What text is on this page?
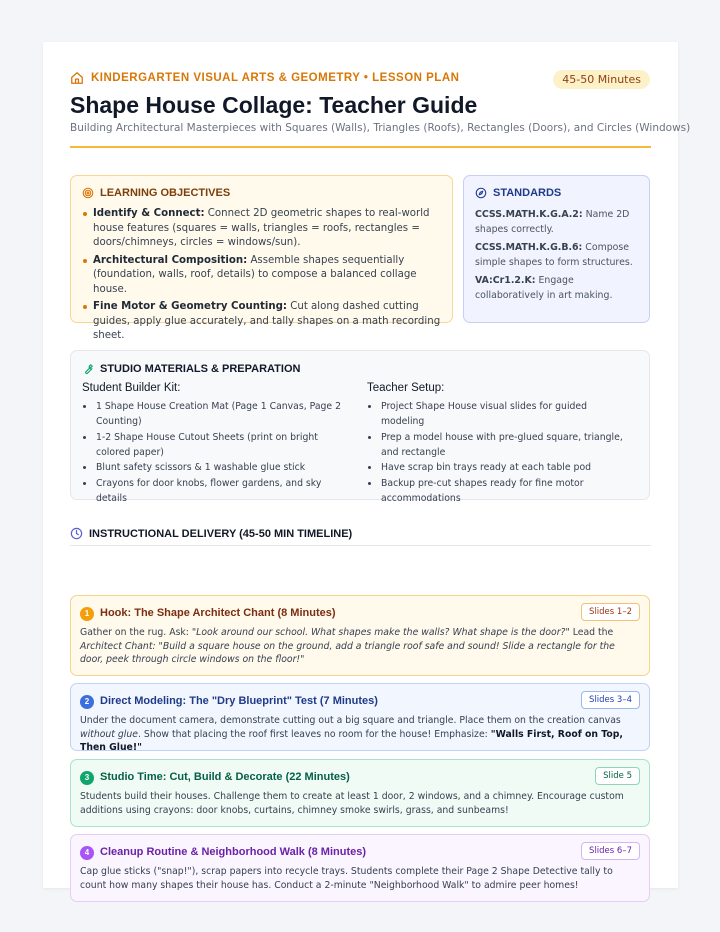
KINDERGARTEN VISUAL ARTS & GEOMETRY • LESSON PLAN	45-50 Minutes
Shape House Collage: Teacher Guide
Building Architectural Masterpieces with Squares (Walls), Triangles (Roofs), Rectangles (Doors), and Circles (Windows)
LEARNING OBJECTIVES
Identify & Connect: Connect 2D geometric shapes to real-world house features (squares = walls, triangles = roofs, rectangles = doors/chimneys, circles = windows/sun).
Architectural Composition: Assemble shapes sequentially (foundation, walls, roof, details) to compose a balanced collage house.
Fine Motor & Geometry Counting: Cut along dashed cutting guides, apply glue accurately, and tally shapes on a math recording sheet.
STANDARDS

CCSS.MATH.K.G.A.2: Name 2D shapes correctly.

CCSS.MATH.K.G.B.6: Compose simple shapes to form structures.

VA:Cr1.2.K: Engage collaboratively in art making.

STUDIO MATERIALS & PREPARATION
Student Builder Kit:
1 Shape House Creation Mat (Page 1 Canvas, Page 2 Counting)
1-2 Shape House Cutout Sheets (print on bright colored paper)
Blunt safety scissors & 1 washable glue stick
Crayons for door knobs, flower gardens, and sky details
Teacher Setup:
Project Shape House visual slides for guided modeling
Prep a model house with pre-glued square, triangle, and rectangle
Have scrap bin trays ready at each table pod
Backup pre-cut shapes ready for fine motor accommodations
INSTRUCTIONAL DELIVERY (45-50 MIN TIMELINE)
1 Hook: The Shape Architect Chant (8 Minutes)	Slides 1–2
Gather on the rug. Ask: "Look around our school. What shapes make the walls? What shape is the door?" Lead the Architect Chant: "Build a square house on the ground, add a triangle roof safe and sound! Slide a rectangle for the door, peek through circle windows on the floor!"
2 Direct Modeling: The "Dry Blueprint" Test (7 Minutes)	Slides 3–4
Under the document camera, demonstrate cutting out a big square and triangle. Place them on the creation canvas without glue. Show that placing the roof first leaves no room for the house! Emphasize: "Walls First, Roof on Top, Then Glue!"
3 Studio Time: Cut, Build & Decorate (22 Minutes)	Slide 5
Students build their houses. Challenge them to create at least 1 door, 2 windows, and a chimney. Encourage custom additions using crayons: door knobs, curtains, chimney smoke swirls, grass, and sunbeams!
4 Cleanup Routine & Neighborhood Walk (8 Minutes)	Slides 6–7
Cap glue sticks ("snap!"), scrap papers into recycle trays. Students complete their Page 2 Shape Detective tally to count how many shapes their house has. Conduct a 2-minute "Neighborhood Walk" to admire peer homes!
